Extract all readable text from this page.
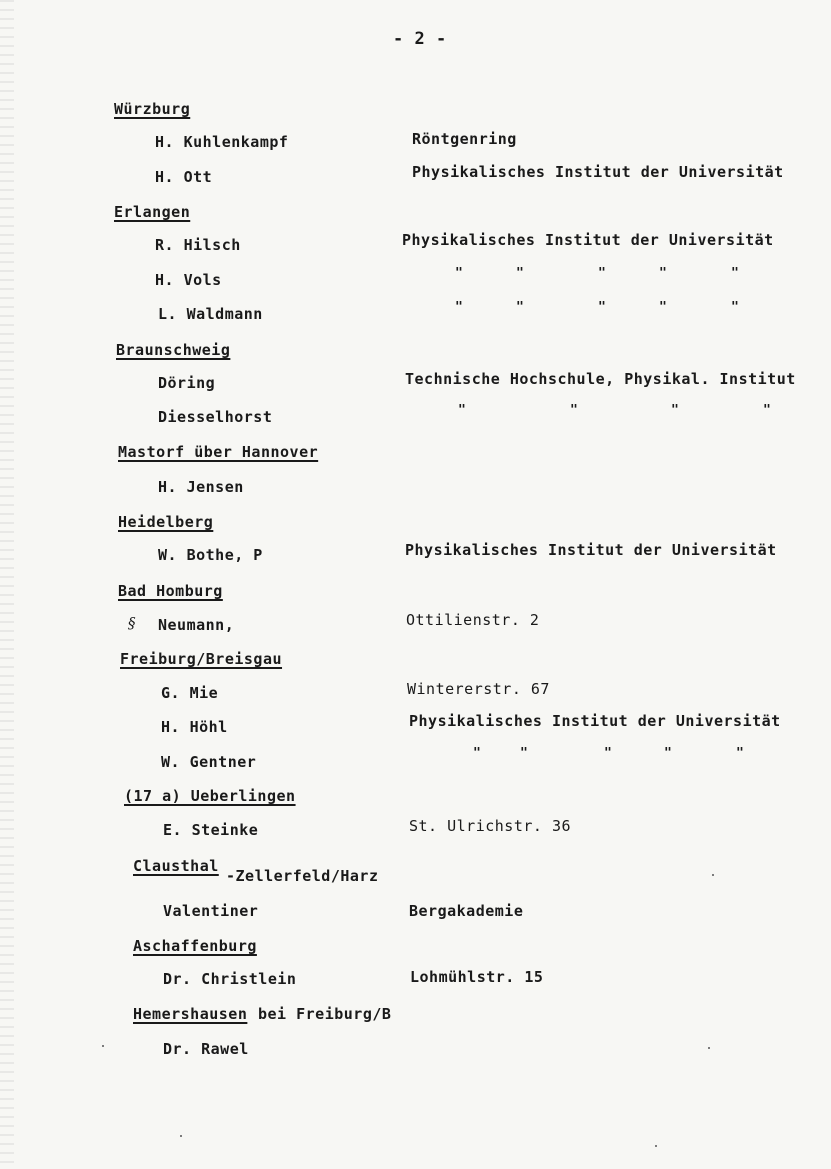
- 2 -
Würzburg
H. Kuhlenkampf	Röntgenring
H. Ott	Physikalisches Institut der Universität
Erlangen
R. Hilsch	Physikalisches Institut der Universität
H. Vols	"	"	"	"	"
L. Waldmann	"	"	"	"	"
Braunschweig
Döring	Technische Hochschule, Physikal. Institut
Diesselhorst	"	"	"	"
Mastorf über Hannover
H. Jensen
Heidelberg
W. Bothe, P	Physikalisches Institut der Universität
Bad Homburg
§ Neumann,	Ottilienstr. 2
Freiburg/Breisgau
G. Mie	Wintererstr. 67
H. Höhl	Physikalisches Institut der Universität
W. Gentner	"	"	"	"	"
(17 a) Ueberlingen
E. Steinke	St. Ulrichstr. 36
Clausthal
-Zellerfeld/Harz
Valentiner	Bergakademie
Aschaffenburg
Dr. Christlein	Lohmühlstr. 15
Hemershausen bei Freiburg/B
Dr. Rawel
